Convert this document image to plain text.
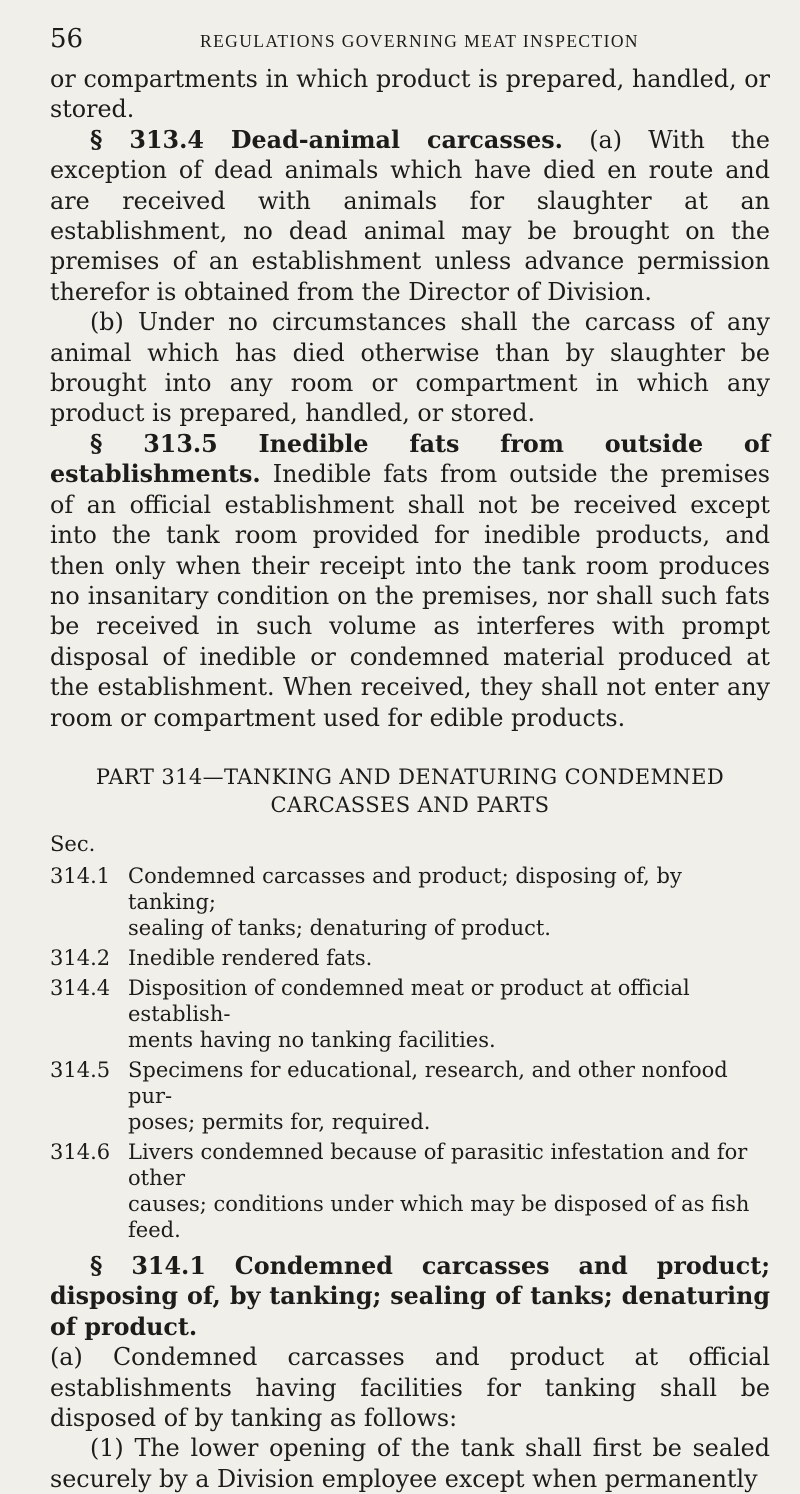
56	REGULATIONS GOVERNING MEAT INSPECTION

or compartments in which product is prepared, handled, or stored.

§ 313.4 Dead-animal carcasses. (a) With the exception of dead animals which have died en route and are received with animals for slaughter at an establishment, no dead animal may be brought on the premises of an establishment unless advance permission therefor is obtained from the Director of Division.

(b) Under no circumstances shall the carcass of any animal which has died otherwise than by slaughter be brought into any room or compartment in which any product is prepared, handled, or stored.

§ 313.5 Inedible fats from outside of establishments. Inedible fats from outside the premises of an official establishment shall not be received except into the tank room provided for inedible products, and then only when their receipt into the tank room produces no insanitary condition on the premises, nor shall such fats be received in such volume as interferes with prompt disposal of inedible or condemned material produced at the establishment. When received, they shall not enter any room or compartment used for edible products.

PART 314—TANKING AND DENATURING CONDEMNED
CARCASSES AND PARTS
Sec.
314.1 Condemned carcasses and product; disposing of, by tanking;
sealing of tanks; denaturing of product.
314.2 Inedible rendered fats.
314.4 Disposition of condemned meat or product at official establish-
ments having no tanking facilities.
314.5 Specimens for educational, research, and other nonfood pur-
poses; permits for, required.
314.6 Livers condemned because of parasitic infestation and for other
causes; conditions under which may be disposed of as fish feed.

§ 314.1 Condemned carcasses and product; disposing of, by tanking; sealing of tanks; denaturing of product.

(a) Condemned carcasses and product at official establishments having facilities for tanking shall be disposed of by tanking as follows:

(1) The lower opening of the tank shall first be sealed securely by a Division employee except when permanently
